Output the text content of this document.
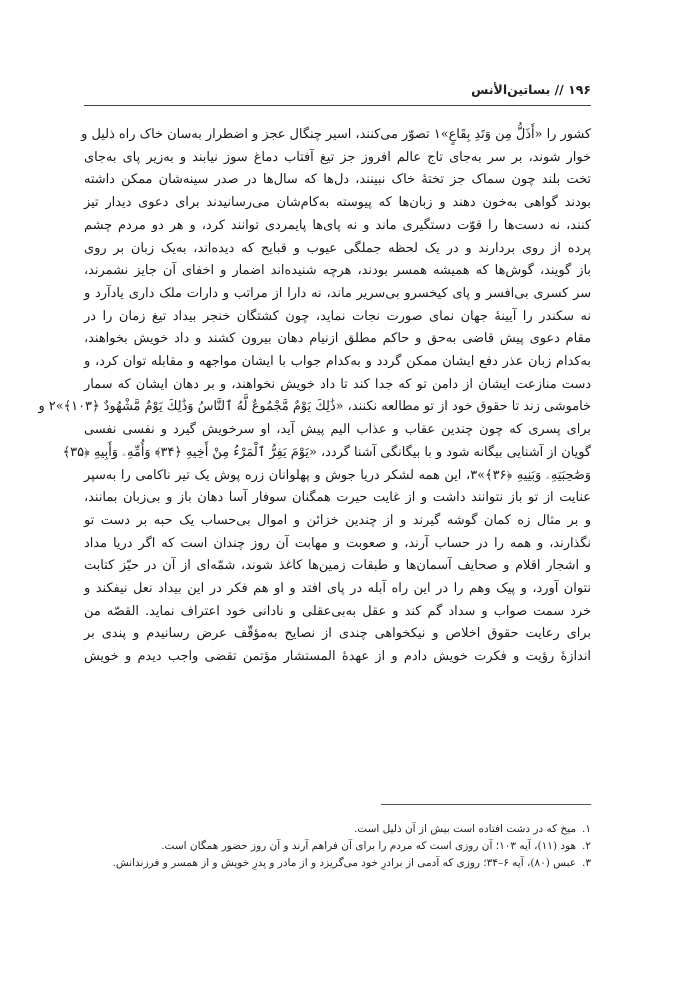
۱۹۶ // بساتین‌الأنس

کشور را «أَذَلُّ مِن وَتَدِ بِقَاعٍ»۱ تصوّر می‌کنند، اسیر چنگال عجز و اضطرار به‌سان خاک راه ذلیل و

خوار شوند، بر سر به‌جای تاج عالم افروز جز تیغ آفتاب دماغ سوز نیابند و به‌زیر پای به‌جای

تخت بلند چون سماک جز تختهٔ خاک نبینند، دل‌ها که سال‌ها در صدر سینه‌شان ممکن داشته

بودند گواهی به‌خون دهند و زبان‌ها که پیوسته به‌کام‌شان می‌رسانیدند برای دعوی دیدار تیز

کنند، نه دست‌ها را قوّت دستگیری ماند و نه پای‌ها پایمردی توانند کرد، و هر دو مردم چشم

پرده از روی بردارند و در یک لحظه جملگی عیوب و قبایح که دیده‌اند، به‌یک زبان بر روی

باز گویند، گوش‌ها که همیشه همسر بودند، هرچه شنیده‌اند اضمار و اخفای آن جایز نشمرند،

سر کسری بی‌افسر و پای کیخسرو بی‌سریر ماند، نه دارا از مراتب و دارات ملک داری یادآرد و

نه سکندر را آیینهٔ جهان نمای صورت نجات نماید، چون کشتگان خنجر بیداد تیغ زمان را در

مقام دعوی پیش قاضی به‌حق و حاکم مطلق ازنیام دهان بیرون کشند و داد خویش بخواهند،

به‌کدام زبان عذر دفع ایشان ممکن گردد و به‌کدام جواب با ایشان مواجهه و مقابله توان کرد، و

دست منازعت ایشان از دامن تو که جدا کند تا داد خویش نخواهند، و بر دهان ایشان که سمار

خاموشی زند تا حقوق خود از تو مطالعه نکنند، «ذَٰلِكَ يَوْمٌ مَّجْمُوعٌ لَّهُ ٱلنَّاسُ وَذَٰلِكَ يَوْمٌ مَّشْهُودٌ ﴿۱۰۳﴾»۲ و

برای پسری که چون چندین عقاب و عذاب الیم پیش آید، او سرخویش گیرد و نفسی نفسی

گویان از آشنایی بیگانه شود و با بیگانگی آشنا گردد، «يَوْمَ يَفِرُّ ٱلْمَرْءُ مِنْ أَخِيهِ ﴿۳۴﴾ وَأُمِّهِۦ وَأَبِيهِ ﴿۳۵﴾

وَصَٰحِبَتِهِۦ وَبَنِيهِ ﴿۳۶﴾»۳، این همه لشکر دریا جوش و پهلوانان زره پوش یک تیر ناکامی را به‌سپر

عنایت از تو باز نتوانند داشت و از غایت حیرت همگنان سوفار آسا دهان باز و بی‌زبان بمانند،

و بر مثال زه کمان گوشه گیرند و از چندین خزائن و اموال بی‌حساب یک حبه بر دست تو

نگذارند، و همه را در حساب آرند، و صعوبت و مهابت آن روز چندان است که اگر دریا مداد

و اشجار اقلام و صحایف آسمان‌ها و طبقات زمین‌ها کاغذ شوند، شمّه‌ای از آن در حیّز کتابت

نتوان آورد، و پیک وهم را در این راه آبله در پای افتد و او هم فکر در این بیداد نعل نیفکند و

خرد سمت صواب و سداد گم کند و عقل به‌بی‌عقلی و نادانی خود اعتراف نماید. القصّه من

برای رعایت حقوق اخلاص و نیکخواهی چندی از نصایح به‌مؤقّف عرض رسانیدم و پندی بر

اندازهٔ رؤیت و فکرت خویش دادم و از عهدهٔ المستشار مؤتمن تقضی واجب دیدم و خویش

۱.میخ که در دشت افتاده است بیش از آن ذلیل است.
۲.هود (۱۱)، آیه ۱۰۳؛ آن روزی است که مردم را برای آن فراهم آرند و آن روز حضور همگان است.
۳.عبس (۸۰)، آیه ۶–۳۴؛ روزی که آدمی از برادرِ خود می‌گریزد و از مادر و پدرِ خویش و از همسر و فرزندانش.
